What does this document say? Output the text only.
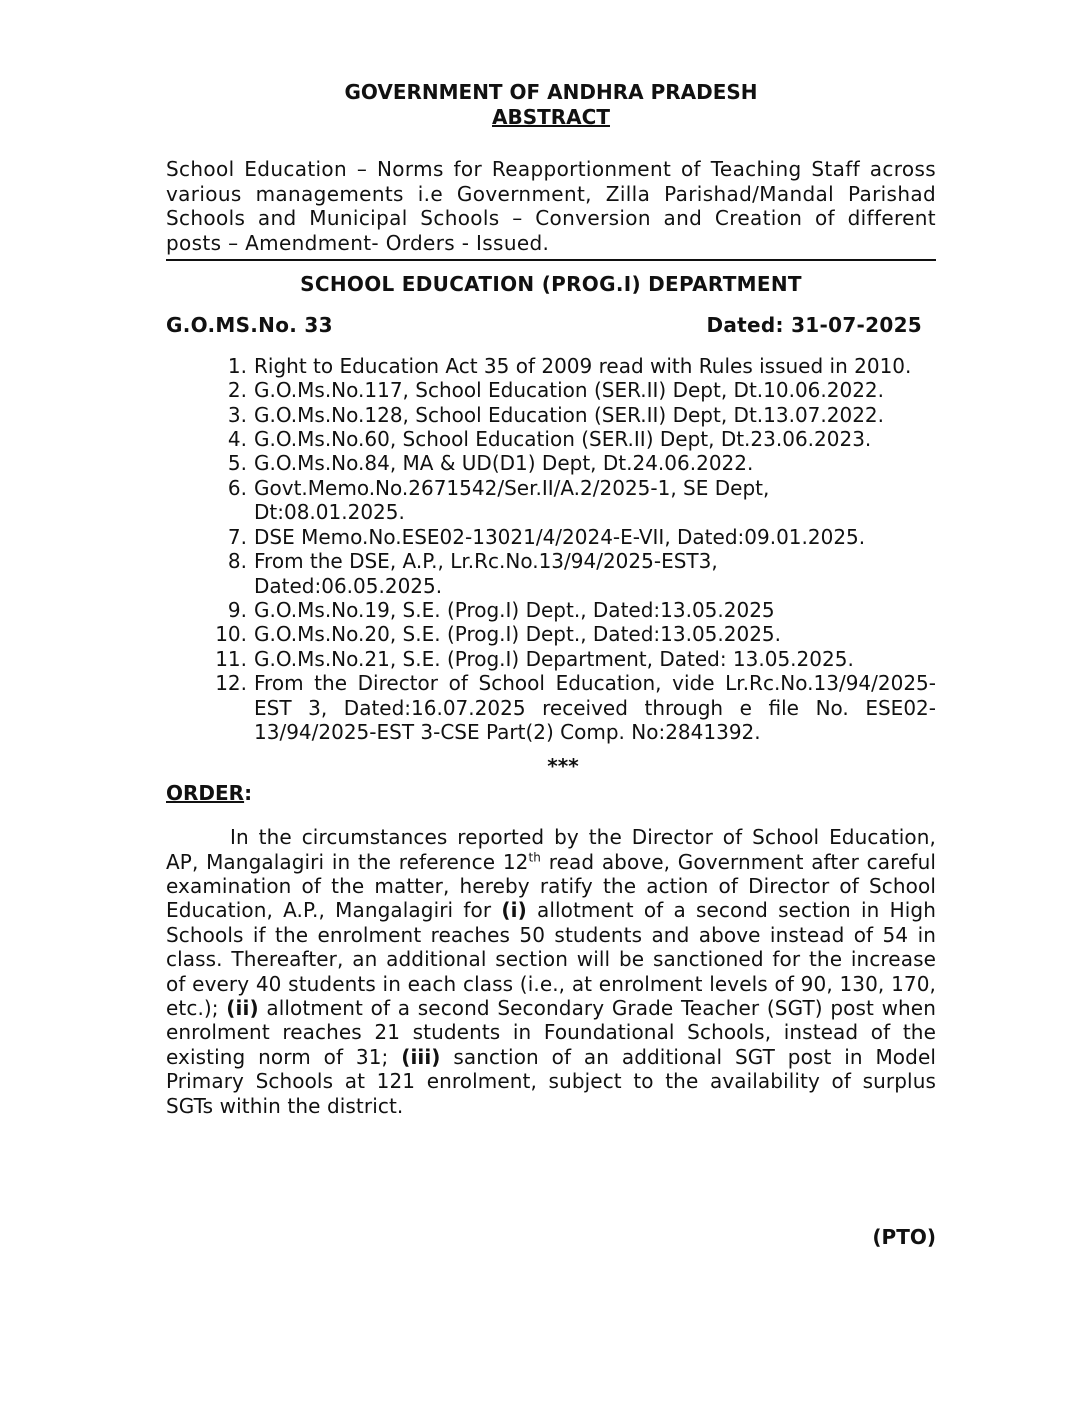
GOVERNMENT OF ANDHRA PRADESH
ABSTRACT
School Education – Norms for Reapportionment of Teaching Staff across various managements i.e Government, Zilla Parishad/Mandal Parishad Schools and Municipal Schools – Conversion and Creation of different posts – Amendment- Orders - Issued.
SCHOOL EDUCATION (PROG.I) DEPARTMENT
G.O.MS.No. 33	Dated: 31-07-2025
1. Right to Education Act 35 of 2009 read with Rules issued in 2010.
2. G.O.Ms.No.117, School Education (SER.II) Dept, Dt.10.06.2022.
3. G.O.Ms.No.128, School Education (SER.II) Dept, Dt.13.07.2022.
4. G.O.Ms.No.60, School Education (SER.II) Dept, Dt.23.06.2023.
5. G.O.Ms.No.84, MA & UD(D1) Dept, Dt.24.06.2022.
6. Govt.Memo.No.2671542/Ser.II/A.2/2025-1, SE Dept, Dt:08.01.2025.
7. DSE Memo.No.ESE02-13021/4/2024-E-VII, Dated:09.01.2025.
8. From the DSE, A.P., Lr.Rc.No.13/94/2025-EST3, Dated:06.05.2025.
9. G.O.Ms.No.19, S.E. (Prog.I) Dept., Dated:13.05.2025
10. G.O.Ms.No.20, S.E. (Prog.I) Dept., Dated:13.05.2025.
11. G.O.Ms.No.21, S.E. (Prog.I) Department, Dated: 13.05.2025.
12. From the Director of School Education, vide Lr.Rc.No.13/94/2025-EST 3, Dated:16.07.2025 received through e file No. ESE02-13/94/2025-EST 3-CSE Part(2) Comp. No:2841392.
***
ORDER:

In the circumstances reported by the Director of School Education, AP, Mangalagiri in the reference 12th read above, Government after careful examination of the matter, hereby ratify the action of Director of School Education, A.P., Mangalagiri for (i) allotment of a second section in High Schools if the enrolment reaches 50 students and above instead of 54 in class. Thereafter, an additional section will be sanctioned for the increase of every 40 students in each class (i.e., at enrolment levels of 90, 130, 170, etc.); (ii) allotment of a second Secondary Grade Teacher (SGT) post when enrolment reaches 21 students in Foundational Schools, instead of the existing norm of 31; (iii) sanction of an additional SGT post in Model Primary Schools at 121 enrolment, subject to the availability of surplus SGTs within the district.

(PTO)
